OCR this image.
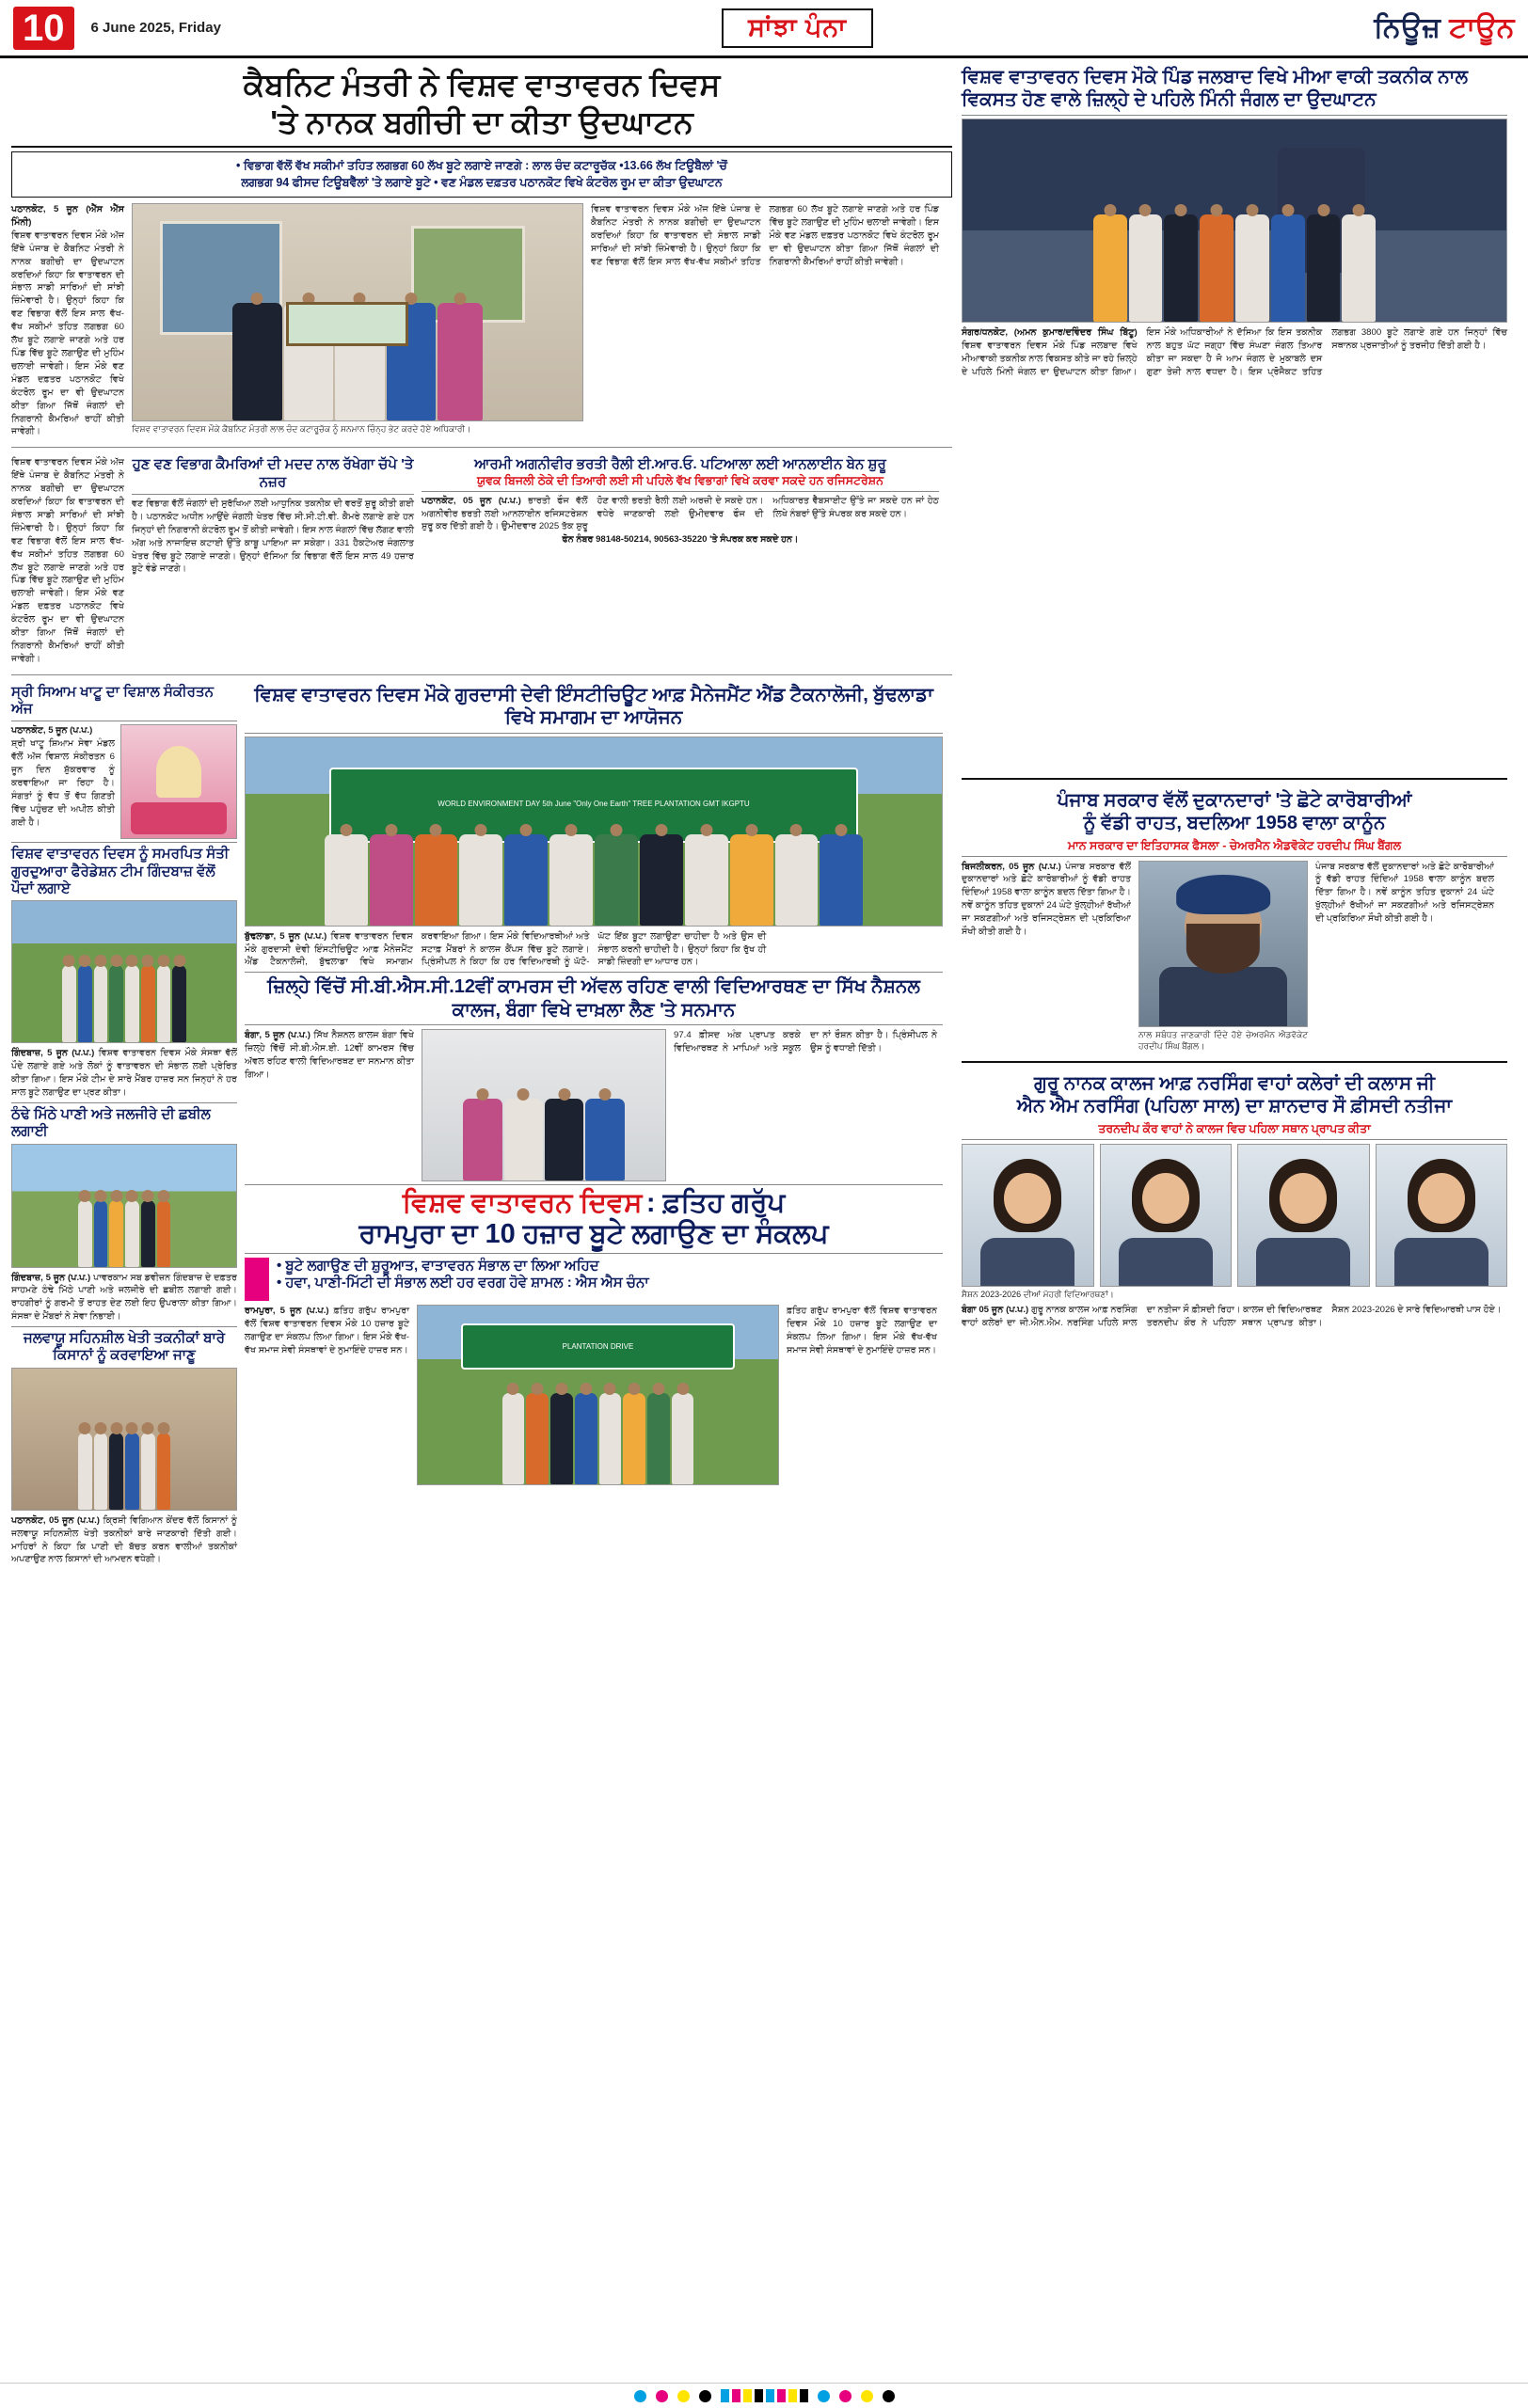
10	6 June 2025, Friday	ਸਾਂਝਾ ਪੰਨਾ	ਨਿਊਜ਼ ਟਾਊਨ
ਕੈਬਨਿਟ ਮੰਤਰੀ ਨੇ ਵਿਸ਼ਵ ਵਾਤਾਵਰਨ ਦਿਵਸ
'ਤੇ ਨਾਨਕ ਬਗੀਚੀ ਦਾ ਕੀਤਾ ਉਦਘਾਟਨ
• ਵਿਭਾਗ ਵੱਲੋਂ ਵੱਖ ਸਕੀਮਾਂ ਤਹਿਤ ਲਗਭਗ 60 ਲੱਖ ਬੂਟੇ ਲਗਾਏ ਜਾਣਗੇ : ਲਾਲ ਚੰਦ ਕਟਾਰੂਚੱਕ •13.66 ਲੱਖ ਟਿਊਬੈਲਾਂ 'ਚੋਂ
ਲਗਭਗ 94 ਫੀਸਦ ਟਿਊਬਵੈੱਲਾਂ 'ਤੇ ਲਗਾਏ ਬੂਟੇ • ਵਣ ਮੰਡਲ ਦਫ਼ਤਰ ਪਠਾਨਕੋਟ ਵਿਖੇ ਕੰਟਰੋਲ ਰੂਮ ਦਾ ਕੀਤਾ ਉਦਘਾਟਨ
ਪਠਾਨਕੋਟ, 5 ਜੂਨ (ਐੱਸ ਐੱਸ ਮਿੰਨੀ)
ਵਿਸ਼ਵ ਵਾਤਾਵਰਨ ਦਿਵਸ ਮੌਕੇ ਅੱਜ ਇੱਥੇ ਪੰਜਾਬ ਦੇ ਕੈਬਨਿਟ ਮੰਤਰੀ ਨੇ ਨਾਨਕ ਬਗੀਚੀ ਦਾ ਉਦਘਾਟਨ ਕਰਦਿਆਂ ਕਿਹਾ ਕਿ ਵਾਤਾਵਰਨ ਦੀ ਸੰਭਾਲ ਸਾਡੀ ਸਾਰਿਆਂ ਦੀ ਸਾਂਝੀ ਜ਼ਿੰਮੇਵਾਰੀ ਹੈ। ਉਨ੍ਹਾਂ ਕਿਹਾ ਕਿ ਵਣ ਵਿਭਾਗ ਵੱਲੋਂ ਇਸ ਸਾਲ ਵੱਖ-ਵੱਖ ਸਕੀਮਾਂ ਤਹਿਤ ਲਗਭਗ 60 ਲੱਖ ਬੂਟੇ ਲਗਾਏ ਜਾਣਗੇ ਅਤੇ ਹਰ ਪਿੰਡ ਵਿੱਚ ਬੂਟੇ ਲਗਾਉਣ ਦੀ ਮੁਹਿੰਮ ਚਲਾਈ ਜਾਵੇਗੀ। ਇਸ ਮੌਕੇ ਵਣ ਮੰਡਲ ਦਫ਼ਤਰ ਪਠਾਨਕੋਟ ਵਿਖੇ ਕੰਟਰੋਲ ਰੂਮ ਦਾ ਵੀ ਉਦਘਾਟਨ ਕੀਤਾ ਗਿਆ ਜਿੱਥੋਂ ਜੰਗਲਾਂ ਦੀ ਨਿਗਰਾਨੀ ਕੈਮਰਿਆਂ ਰਾਹੀਂ ਕੀਤੀ ਜਾਵੇਗੀ।	ਵਿਸ਼ਵ ਵਾਤਾਵਰਨ ਦਿਵਸ ਮੌਕੇ ਕੈਬਨਿਟ ਮੰਤਰੀ ਲਾਲ ਚੰਦ ਕਟਾਰੂਚੱਕ ਨੂੰ ਸਨਮਾਨ ਚਿੰਨ੍ਹ ਭੇਟ ਕਰਦੇ ਹੋਏ ਅਧਿਕਾਰੀ।
ਵਿਸ਼ਵ ਵਾਤਾਵਰਨ ਦਿਵਸ ਮੌਕੇ ਅੱਜ ਇੱਥੇ ਪੰਜਾਬ ਦੇ ਕੈਬਨਿਟ ਮੰਤਰੀ ਨੇ ਨਾਨਕ ਬਗੀਚੀ ਦਾ ਉਦਘਾਟਨ ਕਰਦਿਆਂ ਕਿਹਾ ਕਿ ਵਾਤਾਵਰਨ ਦੀ ਸੰਭਾਲ ਸਾਡੀ ਸਾਰਿਆਂ ਦੀ ਸਾਂਝੀ ਜ਼ਿੰਮੇਵਾਰੀ ਹੈ। ਉਨ੍ਹਾਂ ਕਿਹਾ ਕਿ ਵਣ ਵਿਭਾਗ ਵੱਲੋਂ ਇਸ ਸਾਲ ਵੱਖ-ਵੱਖ ਸਕੀਮਾਂ ਤਹਿਤ ਲਗਭਗ 60 ਲੱਖ ਬੂਟੇ ਲਗਾਏ ਜਾਣਗੇ ਅਤੇ ਹਰ ਪਿੰਡ ਵਿੱਚ ਬੂਟੇ ਲਗਾਉਣ ਦੀ ਮੁਹਿੰਮ ਚਲਾਈ ਜਾਵੇਗੀ। ਇਸ ਮੌਕੇ ਵਣ ਮੰਡਲ ਦਫ਼ਤਰ ਪਠਾਨਕੋਟ ਵਿਖੇ ਕੰਟਰੋਲ ਰੂਮ ਦਾ ਵੀ ਉਦਘਾਟਨ ਕੀਤਾ ਗਿਆ ਜਿੱਥੋਂ ਜੰਗਲਾਂ ਦੀ ਨਿਗਰਾਨੀ ਕੈਮਰਿਆਂ ਰਾਹੀਂ ਕੀਤੀ ਜਾਵੇਗੀ।
ਵਿਸ਼ਵ ਵਾਤਾਵਰਨ ਦਿਵਸ ਮੌਕੇ ਅੱਜ ਇੱਥੇ ਪੰਜਾਬ ਦੇ ਕੈਬਨਿਟ ਮੰਤਰੀ ਨੇ ਨਾਨਕ ਬਗੀਚੀ ਦਾ ਉਦਘਾਟਨ ਕਰਦਿਆਂ ਕਿਹਾ ਕਿ ਵਾਤਾਵਰਨ ਦੀ ਸੰਭਾਲ ਸਾਡੀ ਸਾਰਿਆਂ ਦੀ ਸਾਂਝੀ ਜ਼ਿੰਮੇਵਾਰੀ ਹੈ। ਉਨ੍ਹਾਂ ਕਿਹਾ ਕਿ ਵਣ ਵਿਭਾਗ ਵੱਲੋਂ ਇਸ ਸਾਲ ਵੱਖ-ਵੱਖ ਸਕੀਮਾਂ ਤਹਿਤ ਲਗਭਗ 60 ਲੱਖ ਬੂਟੇ ਲਗਾਏ ਜਾਣਗੇ ਅਤੇ ਹਰ ਪਿੰਡ ਵਿੱਚ ਬੂਟੇ ਲਗਾਉਣ ਦੀ ਮੁਹਿੰਮ ਚਲਾਈ ਜਾਵੇਗੀ। ਇਸ ਮੌਕੇ ਵਣ ਮੰਡਲ ਦਫ਼ਤਰ ਪਠਾਨਕੋਟ ਵਿਖੇ ਕੰਟਰੋਲ ਰੂਮ ਦਾ ਵੀ ਉਦਘਾਟਨ ਕੀਤਾ ਗਿਆ ਜਿੱਥੋਂ ਜੰਗਲਾਂ ਦੀ ਨਿਗਰਾਨੀ ਕੈਮਰਿਆਂ ਰਾਹੀਂ ਕੀਤੀ ਜਾਵੇਗੀ।
ਹੁਣ ਵਣ ਵਿਭਾਗ ਕੈਮਰਿਆਂ ਦੀ ਮਦਦ ਨਾਲ ਰੱਖੇਗਾ ਚੱਪੇ 'ਤੇ ਨਜ਼ਰ
ਵਣ ਵਿਭਾਗ ਵੱਲੋਂ ਜੰਗਲਾਂ ਦੀ ਸੁਰੱਖਿਆ ਲਈ ਆਧੁਨਿਕ ਤਕਨੀਕ ਦੀ ਵਰਤੋਂ ਸ਼ੁਰੂ ਕੀਤੀ ਗਈ ਹੈ। ਪਠਾਨਕੋਟ ਅਧੀਨ ਆਉਂਦੇ ਜੰਗਲੀ ਖੇਤਰ ਵਿੱਚ ਸੀ.ਸੀ.ਟੀ.ਵੀ. ਕੈਮਰੇ ਲਗਾਏ ਗਏ ਹਨ ਜਿਨ੍ਹਾਂ ਦੀ ਨਿਗਰਾਨੀ ਕੰਟਰੋਲ ਰੂਮ ਤੋਂ ਕੀਤੀ ਜਾਵੇਗੀ। ਇਸ ਨਾਲ ਜੰਗਲਾਂ ਵਿੱਚ ਲੱਗਣ ਵਾਲੀ ਅੱਗ ਅਤੇ ਨਾਜਾਇਜ਼ ਕਟਾਈ ਉੱਤੇ ਕਾਬੂ ਪਾਇਆ ਜਾ ਸਕੇਗਾ। 331 ਹੈਕਟੇਅਰ ਜੰਗਲਾਤ ਖੇਤਰ ਵਿੱਚ ਬੂਟੇ ਲਗਾਏ ਜਾਣਗੇ। ਉਨ੍ਹਾਂ ਦੱਸਿਆ ਕਿ ਵਿਭਾਗ ਵੱਲੋਂ ਇਸ ਸਾਲ 49 ਹਜ਼ਾਰ ਬੂਟੇ ਵੰਡੇ ਜਾਣਗੇ।
ਆਰਮੀ ਅਗਨੀਵੀਰ ਭਰਤੀ ਰੈਲੀ ਈ.ਆਰ.ਓ. ਪਟਿਆਲਾ ਲਈ ਆਨਲਾਈਨ ਬੇਨ ਸ਼ੁਰੂ
ਯੁਵਕ ਬਿਜਲੀ ਠੇਕੇ ਦੀ ਤਿਆਰੀ ਲਈ ਸੀ ਪਹਿਲੇ ਵੱਖ ਵਿਭਾਗਾਂ ਵਿਖੇ ਕਰਵਾ ਸਕਦੇ ਹਨ ਰਜਿਸਟਰੇਸ਼ਨ
ਪਠਾਨਕੋਟ, 05 ਜੂਨ (ਪ.ਪ.) ਭਾਰਤੀ ਫੌਜ ਵੱਲੋਂ ਅਗਨੀਵੀਰ ਭਰਤੀ ਲਈ ਆਨਲਾਈਨ ਰਜਿਸਟਰੇਸ਼ਨ ਸ਼ੁਰੂ ਕਰ ਦਿੱਤੀ ਗਈ ਹੈ। ਉਮੀਦਵਾਰ 2025 ਤੱਕ ਸ਼ੁਰੂ ਹੋਣ ਵਾਲੀ ਭਰਤੀ ਰੈਲੀ ਲਈ ਅਰਜ਼ੀ ਦੇ ਸਕਦੇ ਹਨ। ਵਧੇਰੇ ਜਾਣਕਾਰੀ ਲਈ ਉਮੀਦਵਾਰ ਫੌਜ ਦੀ ਅਧਿਕਾਰਤ ਵੈੱਬਸਾਈਟ ਉੱਤੇ ਜਾ ਸਕਦੇ ਹਨ ਜਾਂ ਹੇਠ ਲਿਖੇ ਨੰਬਰਾਂ ਉੱਤੇ ਸੰਪਰਕ ਕਰ ਸਕਦੇ ਹਨ।
ਫੋਨ ਨੰਬਰ 98148-50214, 90563-35220 'ਤੇ ਸੰਪਰਕ ਕਰ ਸਕਦੇ ਹਨ।
ਸ੍ਰੀ ਸਿਆਮ ਖਾਟੂ ਦਾ ਵਿਸ਼ਾਲ ਸੰਕੀਰਤਨ ਅੱਜ
ਪਠਾਨਕੋਟ, 5 ਜੂਨ (ਪ.ਪ.)
ਸ਼੍ਰੀ ਖਾਟੂ ਸ਼ਿਆਮ ਸੇਵਾ ਮੰਡਲ ਵੱਲੋਂ ਅੱਜ ਵਿਸ਼ਾਲ ਸੰਕੀਰਤਨ 6 ਜੂਨ ਦਿਨ ਸ਼ੁੱਕਰਵਾਰ ਨੂੰ ਕਰਵਾਇਆ ਜਾ ਰਿਹਾ ਹੈ। ਸੰਗਤਾਂ ਨੂੰ ਵੱਧ ਤੋਂ ਵੱਧ ਗਿਣਤੀ ਵਿੱਚ ਪਹੁੰਚਣ ਦੀ ਅਪੀਲ ਕੀਤੀ ਗਈ ਹੈ।
ਵਿਸ਼ਵ ਵਾਤਾਵਰਨ ਦਿਵਸ ਨੂੰ ਸਮਰਪਿਤ ਸੰਤੀ ਗੁਰਦੁਆਰਾ ਫੈਰੇਡੇਸ਼ਨ ਟੀਮ ਗਿੰਦਬਾਜ਼ ਵੱਲੋਂ ਪੌਦਾਂ ਲਗਾਏ
ਗਿੰਦਬਾਜ਼, 5 ਜੂਨ (ਪ.ਪ.) ਵਿਸ਼ਵ ਵਾਤਾਵਰਨ ਦਿਵਸ ਮੌਕੇ ਸੰਸਥਾ ਵੱਲੋਂ ਪੌਦੇ ਲਗਾਏ ਗਏ ਅਤੇ ਲੋਕਾਂ ਨੂੰ ਵਾਤਾਵਰਨ ਦੀ ਸੰਭਾਲ ਲਈ ਪ੍ਰੇਰਿਤ ਕੀਤਾ ਗਿਆ। ਇਸ ਮੌਕੇ ਟੀਮ ਦੇ ਸਾਰੇ ਮੈਂਬਰ ਹਾਜ਼ਰ ਸਨ ਜਿਨ੍ਹਾਂ ਨੇ ਹਰ ਸਾਲ ਬੂਟੇ ਲਗਾਉਣ ਦਾ ਪ੍ਰਣ ਕੀਤਾ।
ਠੰਢੇ ਮਿੱਠੇ ਪਾਣੀ ਅਤੇ ਜਲਜੀਰੇ ਦੀ ਛਬੀਲ ਲਗਾਈ
ਗਿੰਦਬਾਜ਼, 5 ਜੂਨ (ਪ.ਪ.) ਪਾਵਰਕਾਮ ਸਬ ਡਵੀਜ਼ਨ ਗਿੰਦਬਾਜ਼ ਦੇ ਦਫ਼ਤਰ ਸਾਹਮਣੇ ਠੰਢੇ ਮਿੱਠੇ ਪਾਣੀ ਅਤੇ ਜਲਜੀਰੇ ਦੀ ਛਬੀਲ ਲਗਾਈ ਗਈ। ਰਾਹਗੀਰਾਂ ਨੂੰ ਗਰਮੀ ਤੋਂ ਰਾਹਤ ਦੇਣ ਲਈ ਇਹ ਉਪਰਾਲਾ ਕੀਤਾ ਗਿਆ। ਸੰਸਥਾ ਦੇ ਮੈਂਬਰਾਂ ਨੇ ਸੇਵਾ ਨਿਭਾਈ।
ਜਲਵਾਯੂ ਸਹਿਨਸ਼ੀਲ ਖੇਤੀ ਤਕਨੀਕਾਂ ਬਾਰੇ ਕਿਸਾਨਾਂ ਨੂੰ ਕਰਵਾਇਆ ਜਾਣੂ
ਪਠਾਨਕੋਟ, 05 ਜੂਨ (ਪ.ਪ.) ਕ੍ਰਿਸ਼ੀ ਵਿਗਿਆਨ ਕੇਂਦਰ ਵੱਲੋਂ ਕਿਸਾਨਾਂ ਨੂੰ ਜਲਵਾਯੂ ਸਹਿਨਸ਼ੀਲ ਖੇਤੀ ਤਕਨੀਕਾਂ ਬਾਰੇ ਜਾਣਕਾਰੀ ਦਿੱਤੀ ਗਈ। ਮਾਹਿਰਾਂ ਨੇ ਕਿਹਾ ਕਿ ਪਾਣੀ ਦੀ ਬੱਚਤ ਕਰਨ ਵਾਲੀਆਂ ਤਕਨੀਕਾਂ ਅਪਣਾਉਣ ਨਾਲ ਕਿਸਾਨਾਂ ਦੀ ਆਮਦਨ ਵਧੇਗੀ।
ਵਿਸ਼ਵ ਵਾਤਾਵਰਨ ਦਿਵਸ ਮੌਕੇ ਗੁਰਦਾਸੀ ਦੇਵੀ ਇੰਸਟੀਚਿਊਟ ਆਫ਼ ਮੈਨੇਜਮੈਂਟ ਐਂਡ ਟੈਕਨਾਲੋਜੀ, ਬੁੱਢਲਾਡਾ ਵਿਖੇ ਸਮਾਗਮ ਦਾ ਆਯੋਜਨ
WORLD ENVIRONMENT DAY 5th June "Only One Earth" TREE PLANTATION GMT IKGPTU
ਬੁੱਢਲਾਡਾ, 5 ਜੂਨ (ਪ.ਪ.) ਵਿਸ਼ਵ ਵਾਤਾਵਰਨ ਦਿਵਸ ਮੌਕੇ ਗੁਰਦਾਸੀ ਦੇਵੀ ਇੰਸਟੀਚਿਊਟ ਆਫ਼ ਮੈਨੇਜਮੈਂਟ ਐਂਡ ਟੈਕਨਾਲੋਜੀ, ਬੁੱਢਲਾਡਾ ਵਿਖੇ ਸਮਾਗਮ ਕਰਵਾਇਆ ਗਿਆ। ਇਸ ਮੌਕੇ ਵਿਦਿਆਰਥੀਆਂ ਅਤੇ ਸਟਾਫ਼ ਮੈਂਬਰਾਂ ਨੇ ਕਾਲਜ ਕੈਂਪਸ ਵਿੱਚ ਬੂਟੇ ਲਗਾਏ। ਪ੍ਰਿੰਸੀਪਲ ਨੇ ਕਿਹਾ ਕਿ ਹਰ ਵਿਦਿਆਰਥੀ ਨੂੰ ਘੱਟੋ-ਘੱਟ ਇੱਕ ਬੂਟਾ ਲਗਾਉਣਾ ਚਾਹੀਦਾ ਹੈ ਅਤੇ ਉਸ ਦੀ ਸੰਭਾਲ ਕਰਨੀ ਚਾਹੀਦੀ ਹੈ। ਉਨ੍ਹਾਂ ਕਿਹਾ ਕਿ ਰੁੱਖ ਹੀ ਸਾਡੀ ਜ਼ਿੰਦਗੀ ਦਾ ਆਧਾਰ ਹਨ।
ਜ਼ਿਲ੍ਹੇ ਵਿੱਚੋਂ ਸੀ.ਬੀ.ਐਸ.ਸੀ.12ਵੀਂ ਕਾਮਰਸ ਦੀ ਅੱਵਲ ਰਹਿਣ ਵਾਲੀ ਵਿਦਿਆਰਥਣ ਦਾ ਸਿੱਖ ਨੈਸ਼ਨਲ ਕਾਲਜ, ਬੰਗਾ ਵਿਖੇ ਦਾਖ਼ਲਾ ਲੈਣ 'ਤੇ ਸਨਮਾਨ
ਬੰਗਾ, 5 ਜੂਨ (ਪ.ਪ.) ਸਿੱਖ ਨੈਸ਼ਨਲ ਕਾਲਜ ਬੰਗਾ ਵਿਖੇ ਜ਼ਿਲ੍ਹੇ ਵਿੱਚੋਂ ਸੀ.ਬੀ.ਐਸ.ਈ. 12ਵੀਂ ਕਾਮਰਸ ਵਿੱਚ ਅੱਵਲ ਰਹਿਣ ਵਾਲੀ ਵਿਦਿਆਰਥਣ ਦਾ ਸਨਮਾਨ ਕੀਤਾ ਗਿਆ।
97.4 ਫ਼ੀਸਦ ਅੰਕ ਪ੍ਰਾਪਤ ਕਰਕੇ ਵਿਦਿਆਰਥਣ ਨੇ ਮਾਪਿਆਂ ਅਤੇ ਸਕੂਲ ਦਾ ਨਾਂ ਰੌਸ਼ਨ ਕੀਤਾ ਹੈ। ਪ੍ਰਿੰਸੀਪਲ ਨੇ ਉਸ ਨੂੰ ਵਧਾਈ ਦਿੱਤੀ।
ਵਿਸ਼ਵ ਵਾਤਾਵਰਨ ਦਿਵਸ : ਫ਼ਤਿਹ ਗਰੁੱਪ
ਰਾਮਪੁਰਾ ਦਾ 10 ਹਜ਼ਾਰ ਬੂਟੇ ਲਗਾਉਣ ਦਾ ਸੰਕਲਪ
• ਬੂਟੇ ਲਗਾਉਣ ਦੀ ਸ਼ੁਰੂਆਤ, ਵਾਤਾਵਰਨ ਸੰਭਾਲ ਦਾ ਲਿਆ ਅਹਿਦ
• ਹਵਾ, ਪਾਣੀ-ਮਿੱਟੀ ਦੀ ਸੰਭਾਲ ਲਈ ਹਰ ਵਰਗ ਹੋਵੇ ਸ਼ਾਮਲ : ਐਸ ਐਸ ਚੰਨਾ
ਰਾਮਪੁਰਾ, 5 ਜੂਨ (ਪ.ਪ.) ਫ਼ਤਿਹ ਗਰੁੱਪ ਰਾਮਪੁਰਾ ਵੱਲੋਂ ਵਿਸ਼ਵ ਵਾਤਾਵਰਨ ਦਿਵਸ ਮੌਕੇ 10 ਹਜ਼ਾਰ ਬੂਟੇ ਲਗਾਉਣ ਦਾ ਸੰਕਲਪ ਲਿਆ ਗਿਆ। ਇਸ ਮੌਕੇ ਵੱਖ-ਵੱਖ ਸਮਾਜ ਸੇਵੀ ਸੰਸਥਾਵਾਂ ਦੇ ਨੁਮਾਇੰਦੇ ਹਾਜ਼ਰ ਸਨ।	PLANTATION DRIVE
ਫ਼ਤਿਹ ਗਰੁੱਪ ਰਾਮਪੁਰਾ ਵੱਲੋਂ ਵਿਸ਼ਵ ਵਾਤਾਵਰਨ ਦਿਵਸ ਮੌਕੇ 10 ਹਜ਼ਾਰ ਬੂਟੇ ਲਗਾਉਣ ਦਾ ਸੰਕਲਪ ਲਿਆ ਗਿਆ। ਇਸ ਮੌਕੇ ਵੱਖ-ਵੱਖ ਸਮਾਜ ਸੇਵੀ ਸੰਸਥਾਵਾਂ ਦੇ ਨੁਮਾਇੰਦੇ ਹਾਜ਼ਰ ਸਨ।
ਵਿਸ਼ਵ ਵਾਤਾਵਰਨ ਦਿਵਸ ਮੌਕੇ ਪਿੰਡ ਜਲਬਾਦ ਵਿਖੇ ਮੀਆ ਵਾਕੀ ਤਕਨੀਕ ਨਾਲ ਵਿਕਸਤ ਹੋਣ ਵਾਲੇ ਜ਼ਿਲ੍ਹੇ ਦੇ ਪਹਿਲੇ ਮਿੰਨੀ ਜੰਗਲ ਦਾ ਉਦਘਾਟਨ
ਸੰਗਰ/ਧਨਕੋਟ, (ਅਮਨ ਕੁਮਾਰ/ਦਵਿੰਦਰ ਸਿੰਘ ਬਿੱਟੂ) ਵਿਸ਼ਵ ਵਾਤਾਵਰਨ ਦਿਵਸ ਮੌਕੇ ਪਿੰਡ ਜਲਬਾਦ ਵਿਖੇ ਮੀਆਵਾਕੀ ਤਕਨੀਕ ਨਾਲ ਵਿਕਸਤ ਕੀਤੇ ਜਾ ਰਹੇ ਜ਼ਿਲ੍ਹੇ ਦੇ ਪਹਿਲੇ ਮਿੰਨੀ ਜੰਗਲ ਦਾ ਉਦਘਾਟਨ ਕੀਤਾ ਗਿਆ। ਇਸ ਮੌਕੇ ਅਧਿਕਾਰੀਆਂ ਨੇ ਦੱਸਿਆ ਕਿ ਇਸ ਤਕਨੀਕ ਨਾਲ ਬਹੁਤ ਘੱਟ ਜਗ੍ਹਾ ਵਿੱਚ ਸੰਘਣਾ ਜੰਗਲ ਤਿਆਰ ਕੀਤਾ ਜਾ ਸਕਦਾ ਹੈ ਜੋ ਆਮ ਜੰਗਲ ਦੇ ਮੁਕਾਬਲੇ ਦਸ ਗੁਣਾ ਤੇਜ਼ੀ ਨਾਲ ਵਧਦਾ ਹੈ। ਇਸ ਪ੍ਰੋਜੈਕਟ ਤਹਿਤ ਲਗਭਗ 3800 ਬੂਟੇ ਲਗਾਏ ਗਏ ਹਨ ਜਿਨ੍ਹਾਂ ਵਿੱਚ ਸਥਾਨਕ ਪ੍ਰਜਾਤੀਆਂ ਨੂੰ ਤਰਜੀਹ ਦਿੱਤੀ ਗਈ ਹੈ।
ਪੰਜਾਬ ਸਰਕਾਰ ਵੱਲੋਂ ਦੁਕਾਨਦਾਰਾਂ 'ਤੇ ਛੋਟੇ ਕਾਰੋਬਾਰੀਆਂ
ਨੂੰ ਵੱਡੀ ਰਾਹਤ, ਬਦਲਿਆ 1958 ਵਾਲਾ ਕਾਨੂੰਨ
ਮਾਨ ਸਰਕਾਰ ਦਾ ਇਤਿਹਾਸਕ ਫੈਸਲਾ - ਚੇਅਰਮੈਨ ਐਡਵੋਕੇਟ ਹਰਦੀਪ ਸਿੰਘ ਬੈਂਗਲ
ਬਿਜਲੀਕਰਨ, 05 ਜੂਨ (ਪ.ਪ.) ਪੰਜਾਬ ਸਰਕਾਰ ਵੱਲੋਂ ਦੁਕਾਨਦਾਰਾਂ ਅਤੇ ਛੋਟੇ ਕਾਰੋਬਾਰੀਆਂ ਨੂੰ ਵੱਡੀ ਰਾਹਤ ਦਿੰਦਿਆਂ 1958 ਵਾਲਾ ਕਾਨੂੰਨ ਬਦਲ ਦਿੱਤਾ ਗਿਆ ਹੈ। ਨਵੇਂ ਕਾਨੂੰਨ ਤਹਿਤ ਦੁਕਾਨਾਂ 24 ਘੰਟੇ ਖੁੱਲ੍ਹੀਆਂ ਰੱਖੀਆਂ ਜਾ ਸਕਣਗੀਆਂ ਅਤੇ ਰਜਿਸਟ੍ਰੇਸ਼ਨ ਦੀ ਪ੍ਰਕਿਰਿਆ ਸੌਖੀ ਕੀਤੀ ਗਈ ਹੈ।
ਨਾਲ ਸਬੰਧਤ ਜਾਣਕਾਰੀ ਦਿੰਦੇ ਹੋਏ ਚੇਅਰਮੈਨ ਐਡਵੋਕੇਟ ਹਰਦੀਪ ਸਿੰਘ ਬੈਂਗਲ।
ਪੰਜਾਬ ਸਰਕਾਰ ਵੱਲੋਂ ਦੁਕਾਨਦਾਰਾਂ ਅਤੇ ਛੋਟੇ ਕਾਰੋਬਾਰੀਆਂ ਨੂੰ ਵੱਡੀ ਰਾਹਤ ਦਿੰਦਿਆਂ 1958 ਵਾਲਾ ਕਾਨੂੰਨ ਬਦਲ ਦਿੱਤਾ ਗਿਆ ਹੈ। ਨਵੇਂ ਕਾਨੂੰਨ ਤਹਿਤ ਦੁਕਾਨਾਂ 24 ਘੰਟੇ ਖੁੱਲ੍ਹੀਆਂ ਰੱਖੀਆਂ ਜਾ ਸਕਣਗੀਆਂ ਅਤੇ ਰਜਿਸਟ੍ਰੇਸ਼ਨ ਦੀ ਪ੍ਰਕਿਰਿਆ ਸੌਖੀ ਕੀਤੀ ਗਈ ਹੈ।
ਗੁਰੂ ਨਾਨਕ ਕਾਲਜ ਆਫ਼ ਨਰਸਿੰਗ ਵਾਹਾਂ ਕਲੇਰਾਂ ਦੀ ਕਲਾਸ ਜੀ
ਐਨ ਐਮ ਨਰਸਿੰਗ (ਪਹਿਲਾ ਸਾਲ) ਦਾ ਸ਼ਾਨਦਾਰ ਸੌ ਫ਼ੀਸਦੀ ਨਤੀਜਾ
ਤਰਨਦੀਪ ਕੌਰ ਵਾਹਾਂ ਨੇ ਕਾਲਜ ਵਿਚ ਪਹਿਲਾ ਸਥਾਨ ਪ੍ਰਾਪਤ ਕੀਤਾ
ਸੈਸ਼ਨ 2023-2026 ਦੀਆਂ ਮੋਹਰੀ ਵਿਦਿਆਰਥਣਾਂ।
ਬੰਗਾ 05 ਜੂਨ (ਪ.ਪ.) ਗੁਰੂ ਨਾਨਕ ਕਾਲਜ ਆਫ਼ ਨਰਸਿੰਗ ਵਾਹਾਂ ਕਲੇਰਾਂ ਦਾ ਜੀ.ਐਨ.ਐਮ. ਨਰਸਿੰਗ ਪਹਿਲੇ ਸਾਲ ਦਾ ਨਤੀਜਾ ਸੌ ਫ਼ੀਸਦੀ ਰਿਹਾ। ਕਾਲਜ ਦੀ ਵਿਦਿਆਰਥਣ ਤਰਨਦੀਪ ਕੌਰ ਨੇ ਪਹਿਲਾ ਸਥਾਨ ਪ੍ਰਾਪਤ ਕੀਤਾ। ਸੈਸ਼ਨ 2023-2026 ਦੇ ਸਾਰੇ ਵਿਦਿਆਰਥੀ ਪਾਸ ਹੋਏ।
